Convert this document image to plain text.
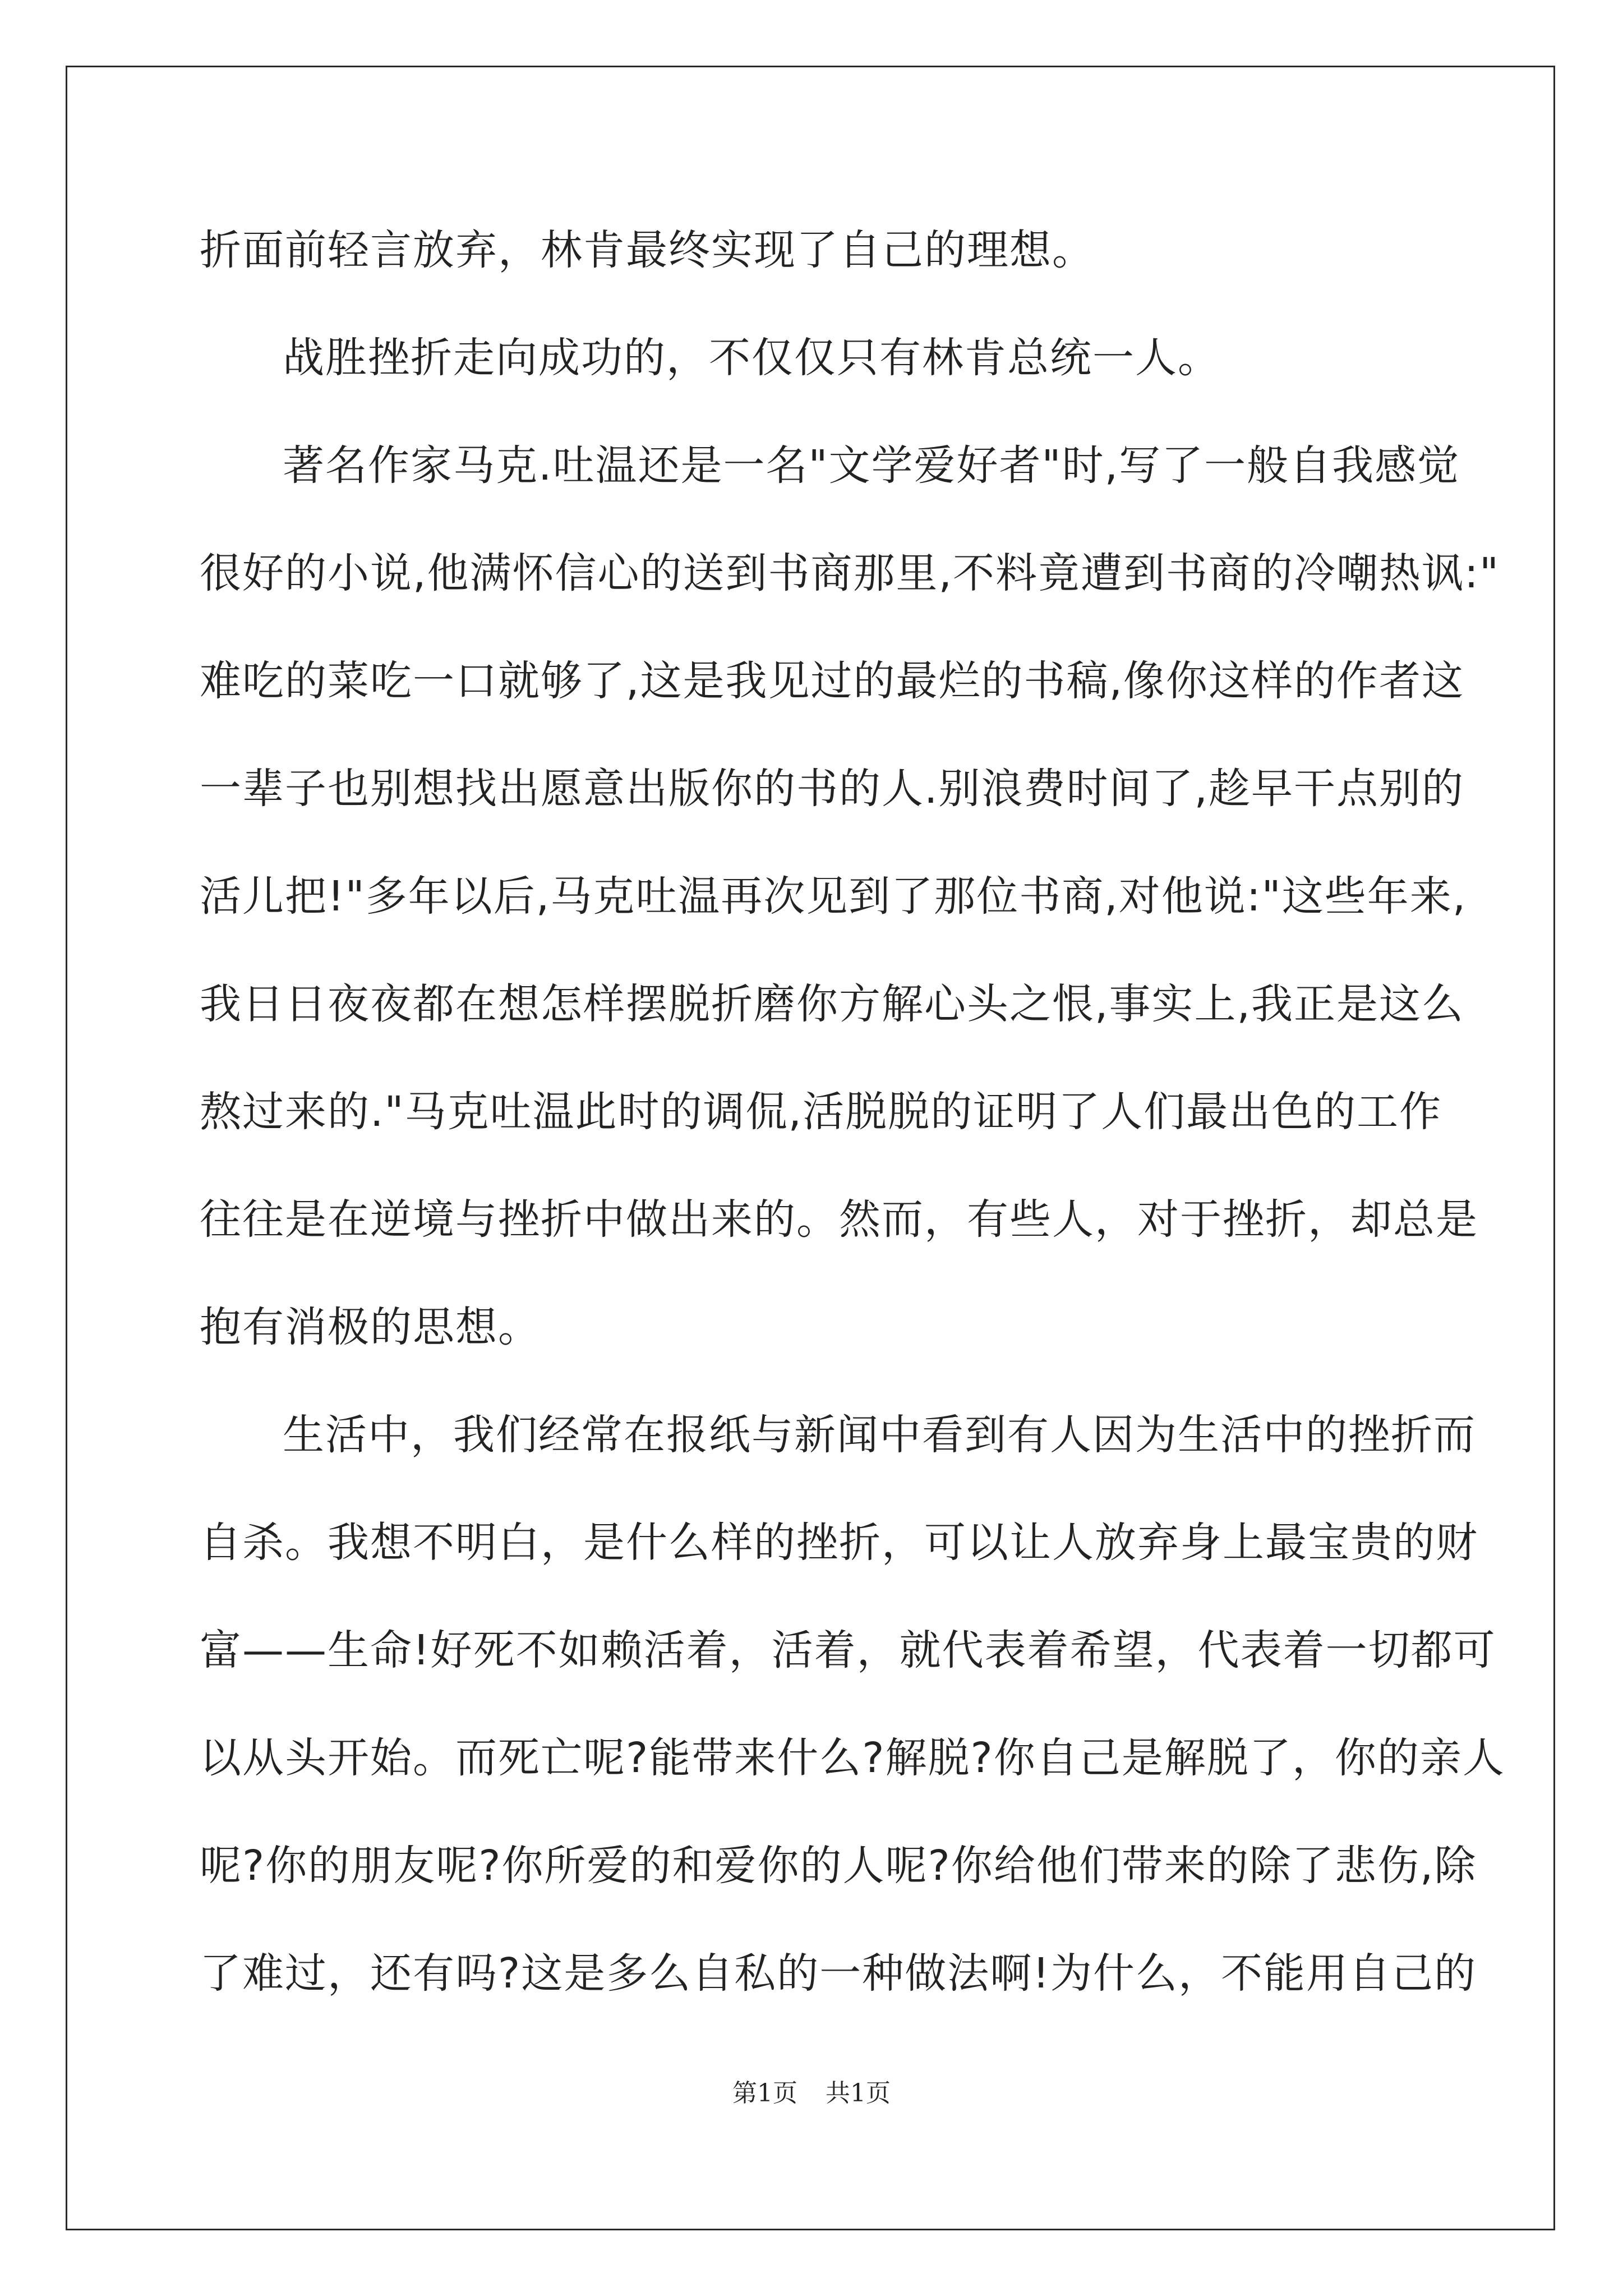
折面前轻言放弃，林肯最终实现了自己的理想。
战胜挫折走向成功的，不仅仅只有林肯总统一人。
著名作家马克.吐温还是一名"文学爱好者"时,写了一般自我感觉
很好的小说,他满怀信心的送到书商那里,不料竟遭到书商的冷嘲热讽:"
难吃的菜吃一口就够了,这是我见过的最烂的书稿,像你这样的作者这
一辈子也别想找出愿意出版你的书的人.别浪费时间了,趁早干点别的
活儿把!"多年以后,马克吐温再次见到了那位书商,对他说:"这些年来,
我日日夜夜都在想怎样摆脱折磨你方解心头之恨,事实上,我正是这么
熬过来的."马克吐温此时的调侃,活脱脱的证明了人们最出色的工作
往往是在逆境与挫折中做出来的。然而，有些人，对于挫折，却总是
抱有消极的思想。
生活中，我们经常在报纸与新闻中看到有人因为生活中的挫折而
自杀。我想不明白，是什么样的挫折，可以让人放弃身上最宝贵的财
富——生命!好死不如赖活着，活着，就代表着希望，代表着一切都可
以从头开始。而死亡呢?能带来什么?解脱?你自己是解脱了，你的亲人
呢?你的朋友呢?你所爱的和爱你的人呢?你给他们带来的除了悲伤,除
了难过，还有吗?这是多么自私的一种做法啊!为什么，不能用自己的
第1页 共1页
